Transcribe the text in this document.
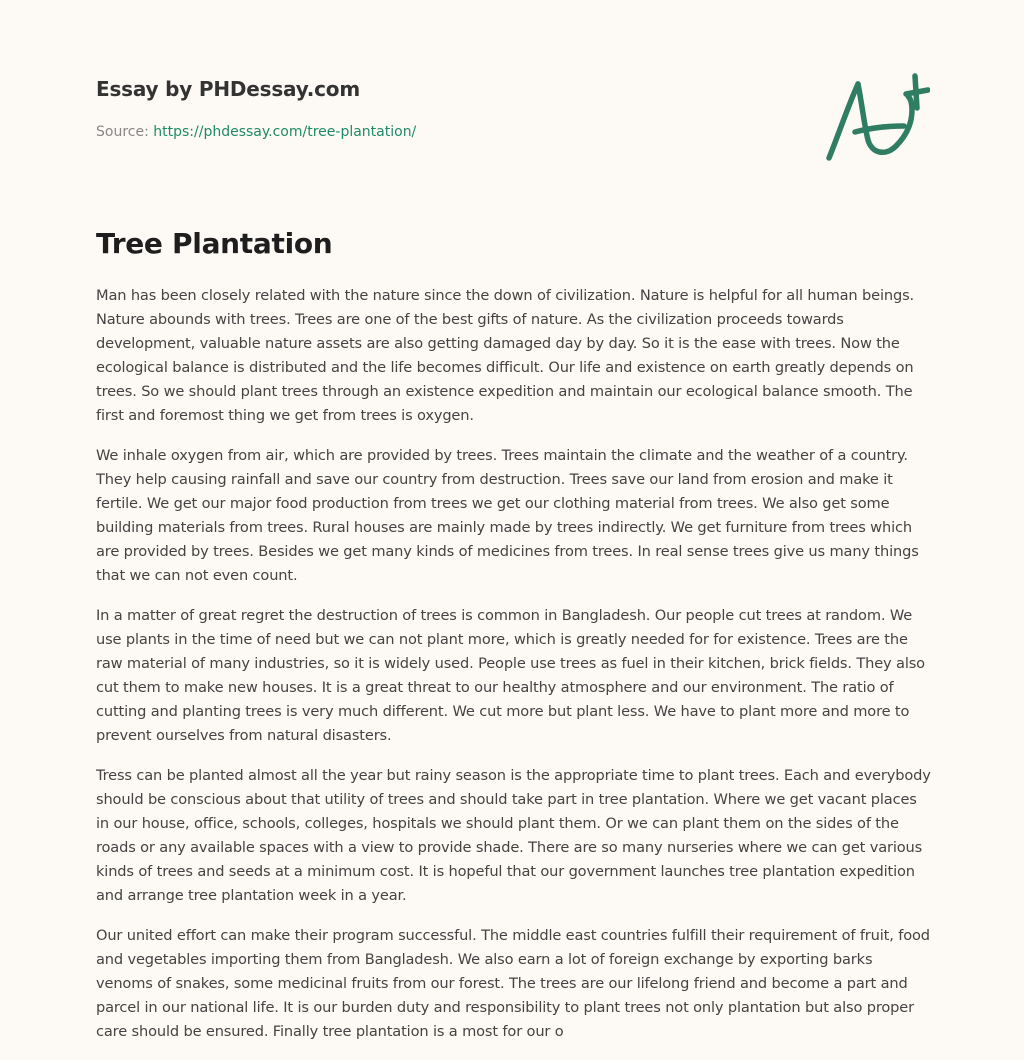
Essay by PHDessay.com
Source: https://phdessay.com/tree-plantation/
Tree Plantation

Man has been closely related with the nature since the down of civilization. Nature is helpful for all human beings. Nature abounds with trees. Trees are one of the best gifts of nature. As the civilization proceeds towards development, valuable nature assets are also getting damaged day by day. So it is the ease with trees. Now the ecological balance is distributed and the life becomes difficult. Our life and existence on earth greatly depends on trees. So we should plant trees through an existence expedition and maintain our ecological balance smooth. The first and foremost thing we get from trees is oxygen.

We inhale oxygen from air, which are provided by trees. Trees maintain the climate and the weather of a country. They help causing rainfall and save our country from destruction. Trees save our land from erosion and make it fertile. We get our major food production from trees we get our clothing material from trees. We also get some building materials from trees. Rural houses are mainly made by trees indirectly. We get furniture from trees which are provided by trees. Besides we get many kinds of medicines from trees. In real sense trees give us many things that we can not even count.

In a matter of great regret the destruction of trees is common in Bangladesh. Our people cut trees at random. We use plants in the time of need but we can not plant more, which is greatly needed for for existence. Trees are the raw material of many industries, so it is widely used. People use trees as fuel in their kitchen, brick fields. They also cut them to make new houses. It is a great threat to our healthy atmosphere and our environment. The ratio of cutting and planting trees is very much different. We cut more but plant less. We have to plant more and more to prevent ourselves from natural disasters.

Tress can be planted almost all the year but rainy season is the appropriate time to plant trees. Each and everybody should be conscious about that utility of trees and should take part in tree plantation. Where we get vacant places in our house, office, schools, colleges, hospitals we should plant them. Or we can plant them on the sides of the roads or any available spaces with a view to provide shade. There are so many nurseries where we can get various kinds of trees and seeds at a minimum cost. It is hopeful that our government launches tree plantation expedition and arrange tree plantation week in a year.

Our united effort can make their program successful. The middle east countries fulfill their requirement of fruit, food and vegetables importing them from Bangladesh. We also earn a lot of foreign exchange by exporting barks venoms of snakes, some medicinal fruits from our forest. The trees are our lifelong friend and become a part and parcel in our national life. It is our burden duty and responsibility to plant trees not only plantation but also proper care should be ensured. Finally tree plantation is a most for our o
